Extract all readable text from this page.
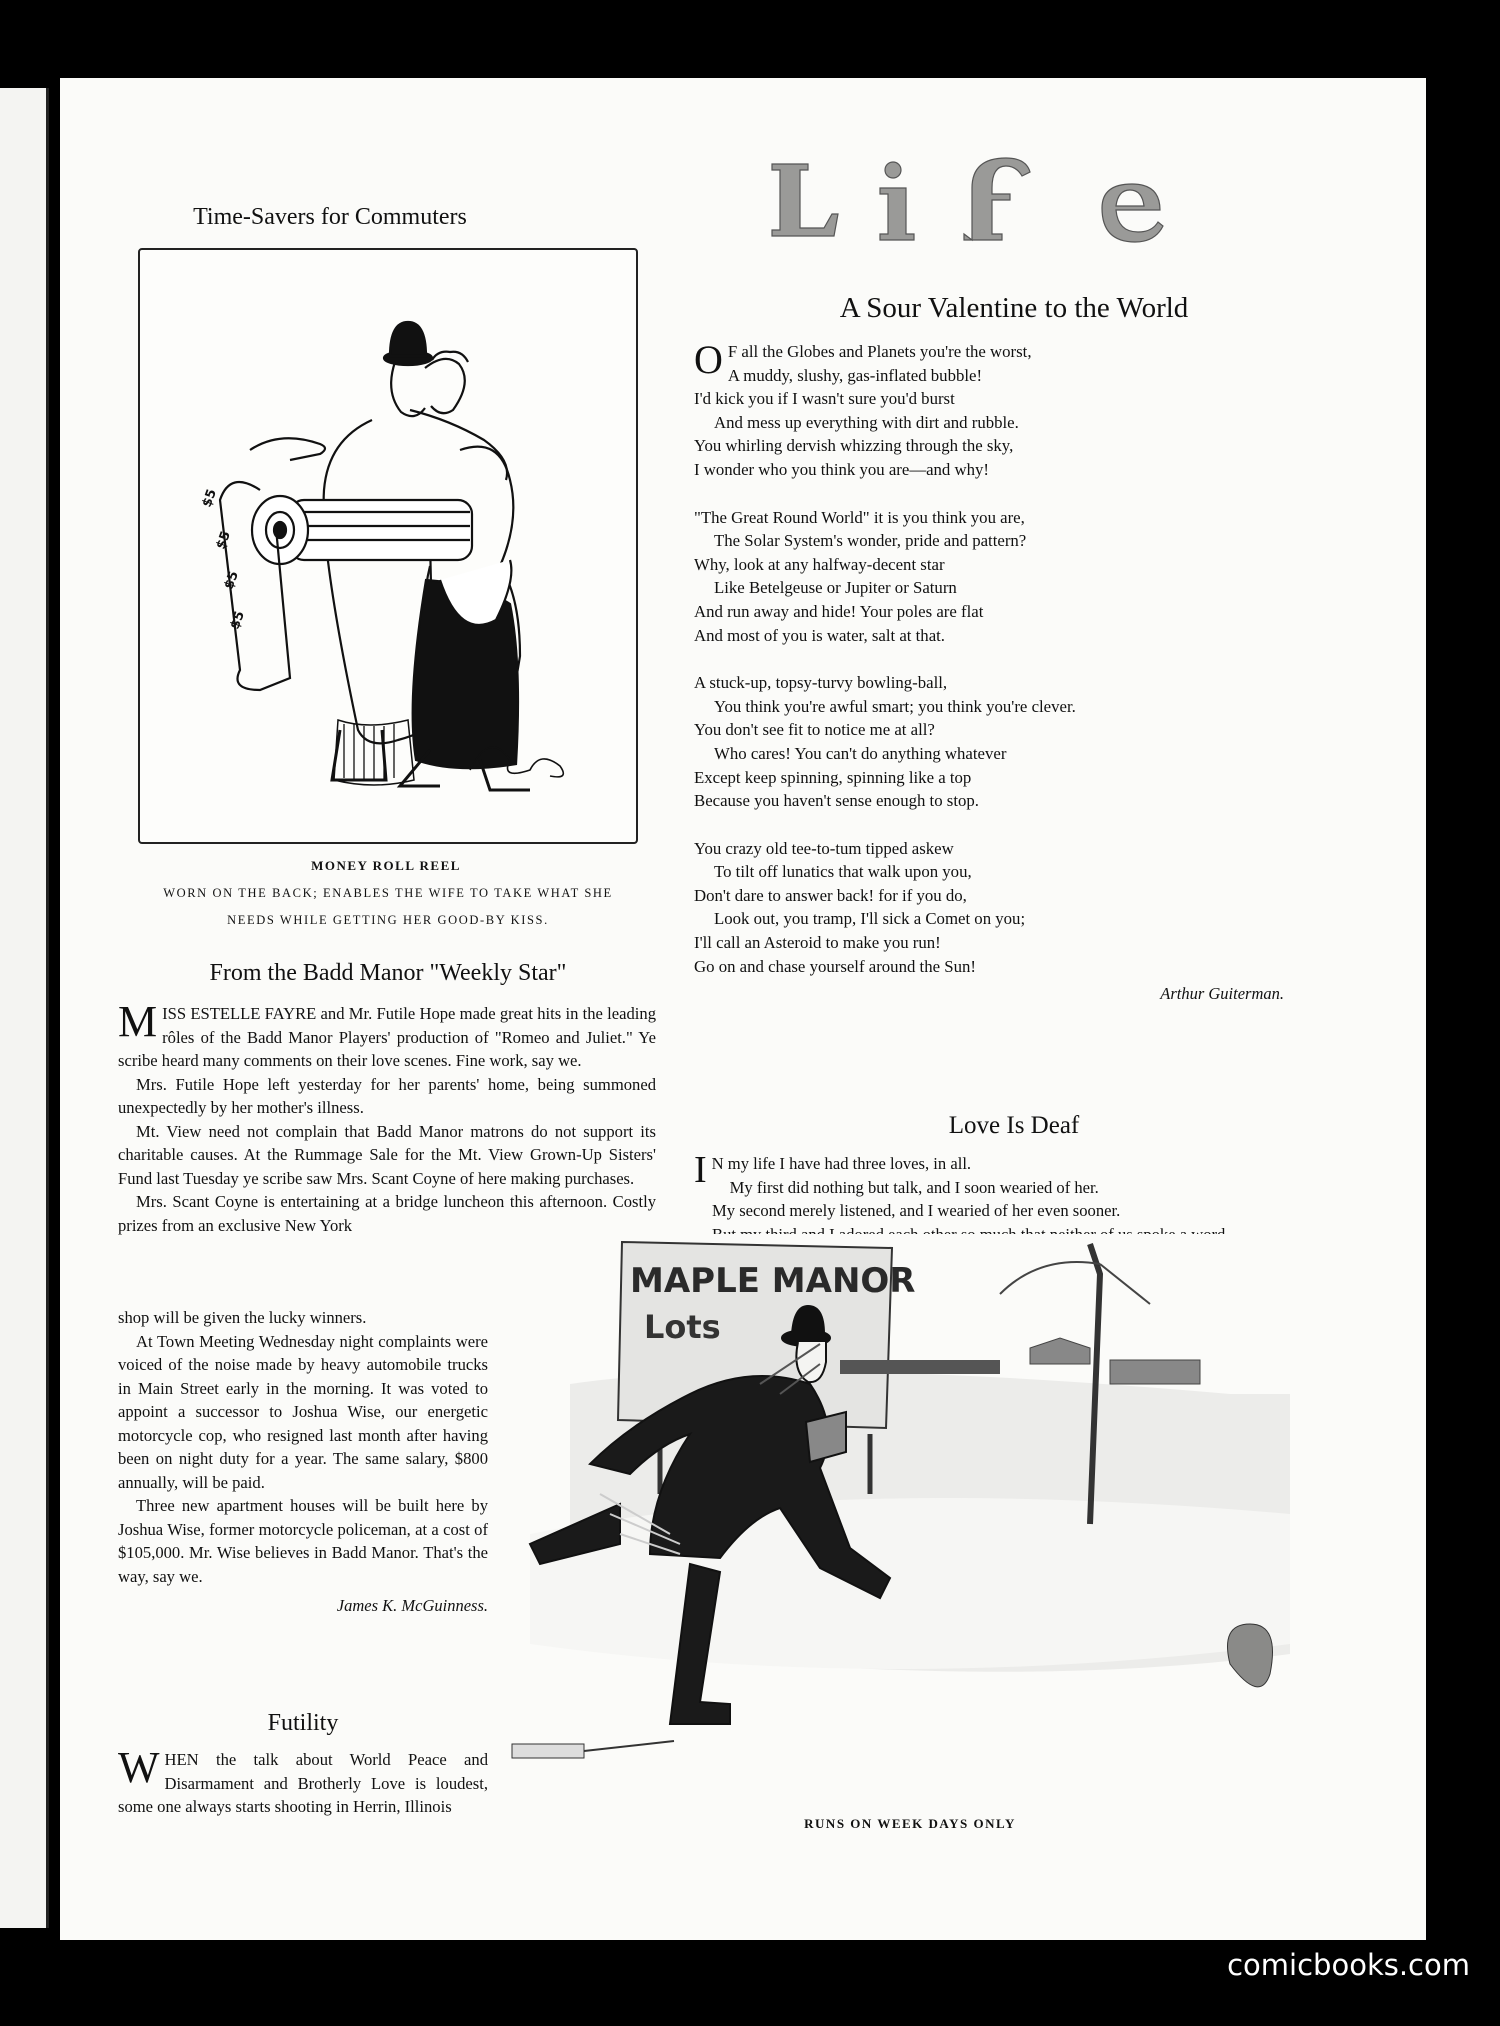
Life
Time-Savers for Commuters
$5
$5
$5
$5
MONEY ROLL REEL
WORN ON THE BACK; ENABLES THE WIFE TO TAKE WHAT SHE
NEEDS WHILE GETTING HER GOOD-BY KISS.
From the Badd Manor "Weekly Star"

MISS ESTELLE FAYRE and Mr. Futile Hope made great hits in the leading rôles of the Badd Manor Players' production of "Romeo and Juliet." Ye scribe heard many comments on their love scenes. Fine work, say we.

Mrs. Futile Hope left yesterday for her parents' home, being summoned unexpectedly by her mother's illness.

Mt. View need not complain that Badd Manor matrons do not support its charitable causes. At the Rummage Sale for the Mt. View Grown-Up Sisters' Fund last Tuesday ye scribe saw Mrs. Scant Coyne of here making purchases.

Mrs. Scant Coyne is entertaining at a bridge luncheon this afternoon. Costly prizes from an exclusive New York

shop will be given the lucky winners.

At Town Meeting Wednesday night complaints were voiced of the noise made by heavy automobile trucks in Main Street early in the morning. It was voted to appoint a successor to Joshua Wise, our energetic motorcycle cop, who resigned last month after having been on night duty for a year. The same salary, $800 annually, will be paid.

Three new apartment houses will be built here by Joshua Wise, former motorcycle policeman, at a cost of $105,000. Mr. Wise believes in Badd Manor. That's the way, say we.

James K. McGuinness.
Futility

WHEN the talk about World Peace and Disarmament and Brotherly Love is loudest, some one always starts shooting in Herrin, Illinois

A Sour Valentine to the World
O F all the Globes and Planets you're the worst,
A muddy, slushy, gas-inflated bubble!
I'd kick you if I wasn't sure you'd burst
And mess up everything with dirt and rubble.
You whirling dervish whizzing through the sky,
I wonder who you think you are—and why!
"The Great Round World" it is you think you are,
The Solar System's wonder, pride and pattern?
Why, look at any halfway-decent star
Like Betelgeuse or Jupiter or Saturn
And run away and hide! Your poles are flat
And most of you is water, salt at that.
A stuck-up, topsy-turvy bowling-ball,
You think you're awful smart; you think you're clever.
You don't see fit to notice me at all?
Who cares! You can't do anything whatever
Except keep spinning, spinning like a top
Because you haven't sense enough to stop.
You crazy old tee-to-tum tipped askew
To tilt off lunatics that walk upon you,
Don't dare to answer back! for if you do,
Look out, you tramp, I'll sick a Comet on you;
I'll call an Asteroid to make you run!
Go on and chase yourself around the Sun!
Arthur Guiterman.
Love Is Deaf

I N my life I have had three loves, in all.

My first did nothing but talk, and I soon wearied of her.

My second merely listened, and I wearied of her even sooner.

MAPLE MANOR
Lots
RUNS ON WEEK DAYS ONLY
comicbooks.com
